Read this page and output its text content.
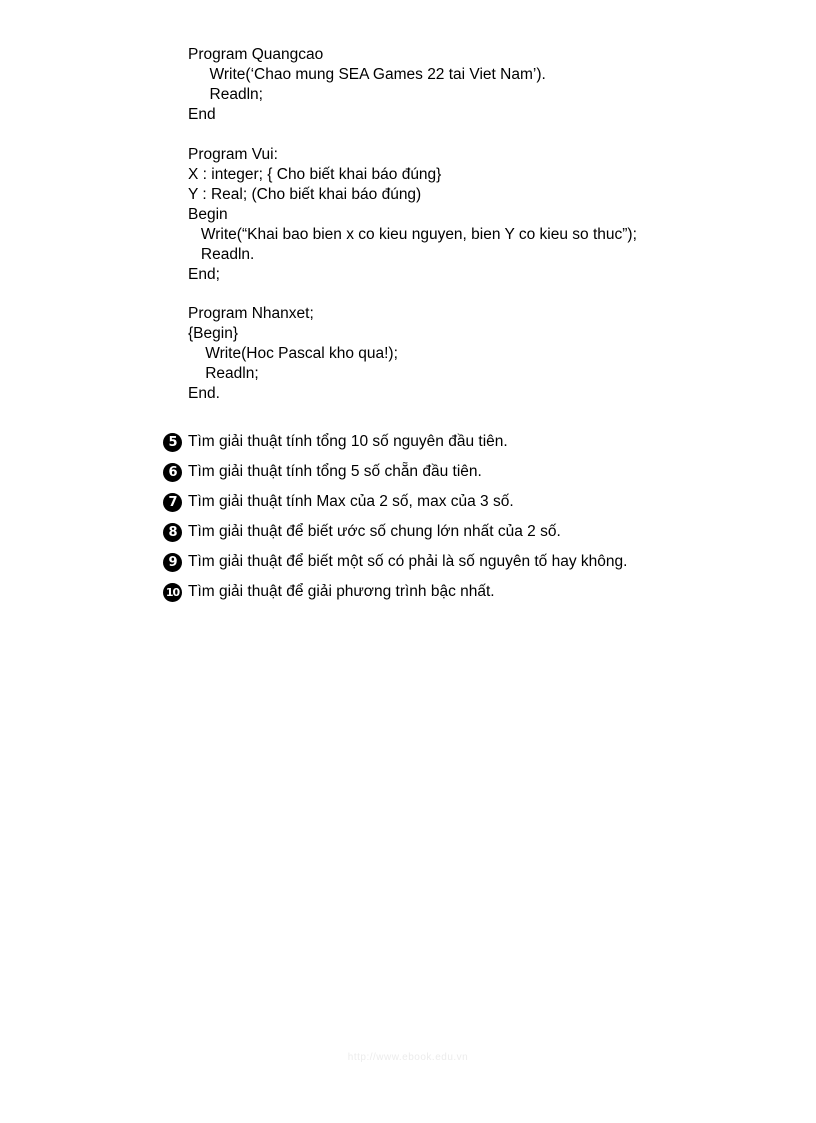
Program Quangcao
Write(‘Chao mung SEA Games 22 tai Viet Nam’).
Readln;
End
Program Vui:
X : integer; { Cho biết khai báo đúng}
Y : Real; (Cho biết khai báo đúng)
Begin
Write(“Khai bao bien x co kieu nguyen, bien Y co kieu so thuc”);
Readln.
End;
Program Nhanxet;
{Begin}
Write(Hoc Pascal kho qua!);
Readln;
End.
5 Tìm giải thuật tính tổng 10 số nguyên đầu tiên.
6 Tìm giải thuật tính tổng 5 số chẵn đầu tiên.
7 Tìm giải thuật tính Max của 2 số, max của 3 số.
8 Tìm giải thuật để biết ước số chung lớn nhất của 2 số.
9 Tìm giải thuật để biết một số có phải là số nguyên tố hay không.
10 Tìm giải thuật để giải phương trình bậc nhất.
http://www.ebook.edu.vn
